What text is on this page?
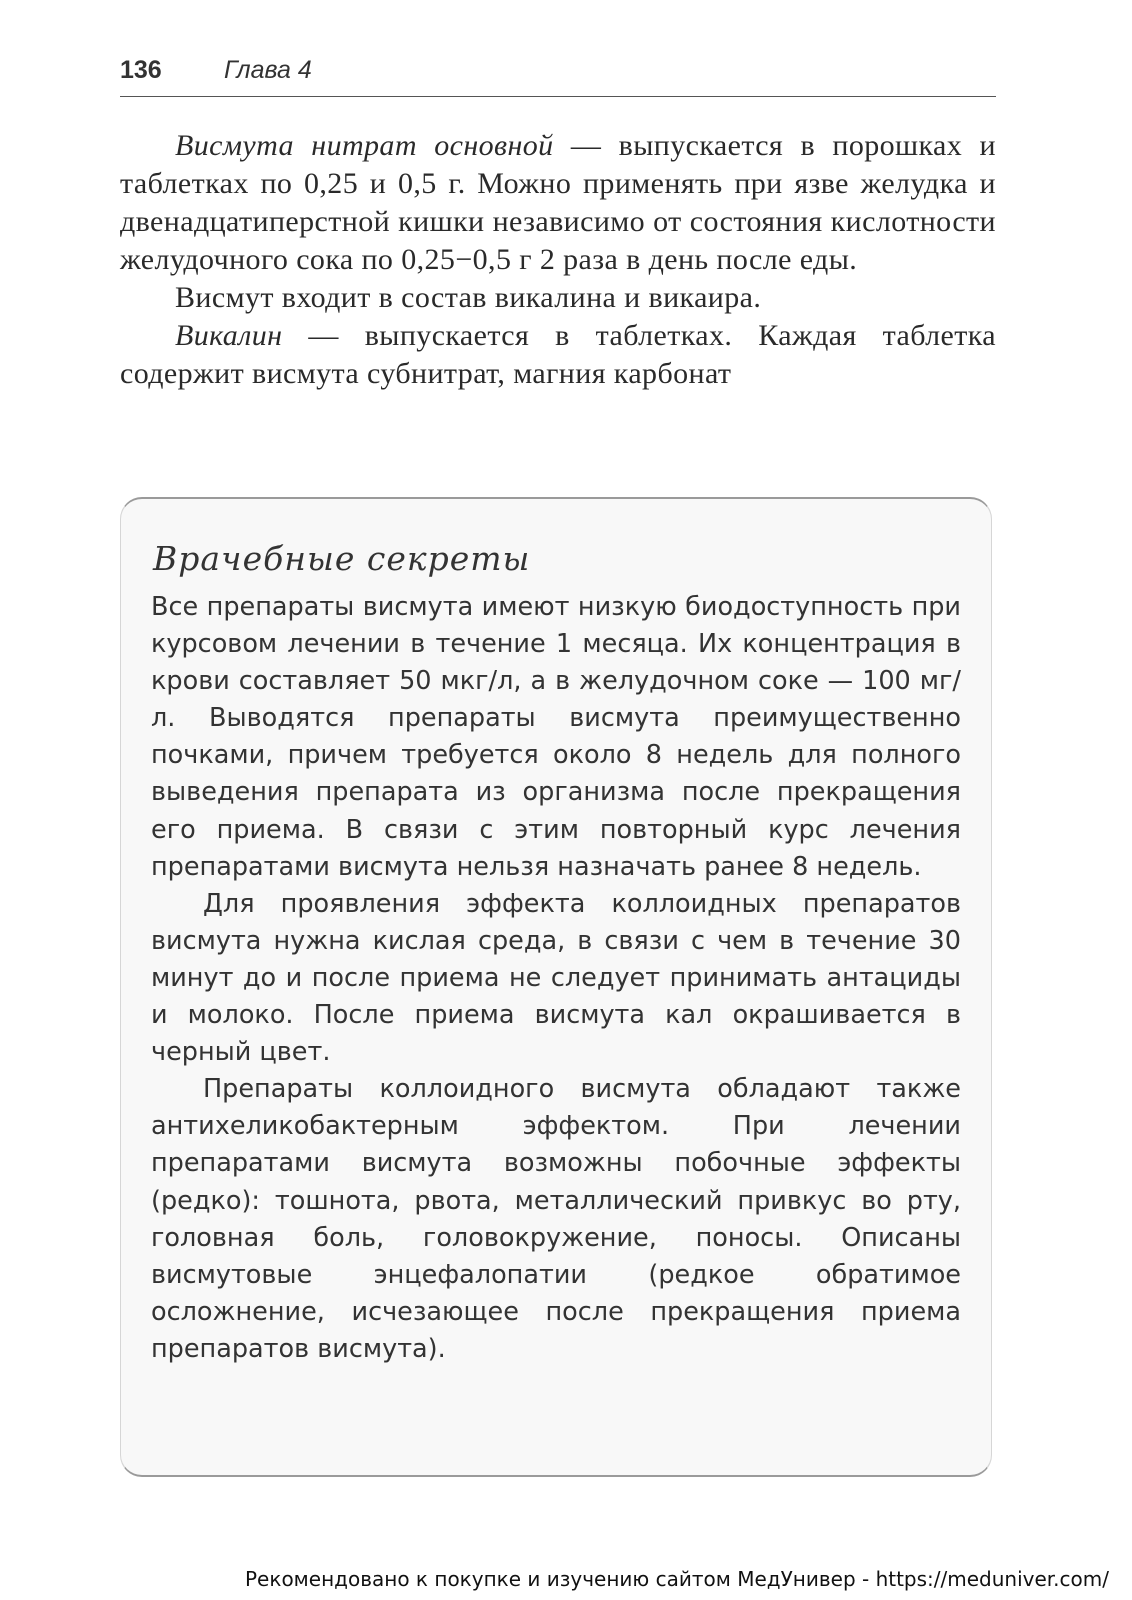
136 Глава 4

Висмута нитрат основной — выпускается в порошках и таблетках по 0,25 и 0,5 г. Можно применять при язве желудка и двенадцатиперстной кишки независимо от состояния кислотности желудочного сока по 0,25−0,5 г 2 раза в день после еды.

Висмут входит в состав викалина и викаира.

Викалин — выпускается в таблетках. Каждая таблетка содержит висмута субнитрат, магния карбонат

Врачебные секреты

Все препараты висмута имеют низкую биодоступность при курсовом лечении в течение 1 месяца. Их концентрация в крови составляет 50 мкг/л, а в желудочном соке — 100 мг/л. Выводятся препараты висмута преимущественно почками, причем требуется около 8 недель для полного выведения препарата из организма после прекращения его приема. В связи с этим повторный курс лечения препаратами висмута нельзя назначать ранее 8 недель.

Для проявления эффекта коллоидных препаратов висмута нужна кислая среда, в связи с чем в течение 30 минут до и после приема не следует принимать антациды и молоко. После приема висмута кал окрашивается в черный цвет.

Препараты коллоидного висмута обладают также антихеликобактерным эффектом. При лечении препаратами висмута возможны побочные эффекты (редко): тошнота, рвота, металлический привкус во рту, головная боль, головокружение, поносы. Описаны висмутовые энцефалопатии (редкое обратимое осложнение, исчезающее после прекращения приема препаратов висмута).

Рекомендовано к покупке и изучению сайтом МедУнивер - https://meduniver.com/
